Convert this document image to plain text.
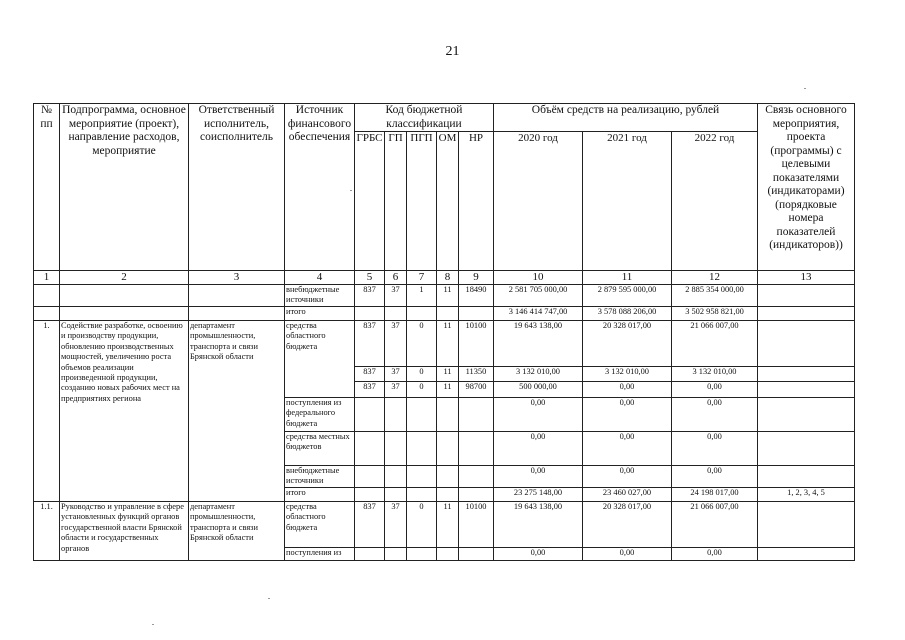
21
№ пп	Подпрограмма, основное мероприятие (проект), направление расходов, мероприятие	Ответственный исполнитель, соисполнитель	Источник финансового обеспечения	Код бюджетной классификации					Объём средств на реализацию, рублей			Связь основного мероприятия, проекта (программы) с целевыми показателями (индикаторами) (порядковые номера показателей (индикаторов))
				ГРБС	ГП	ПГП	ОМ	НР	2020 год	2021 год	2022 год	
1	2	3	4	5	6	7	8	9	10	11	12	13
			внебюджетные источники	837	37	1	11	18490	2 581 705 000,00	2 879 595 000,00	2 885 354 000,00	
			итого						3 146 414 747,00	3 578 088 206,00	3 502 958 821,00	
1.	Содействие разработке, освоению и производству продукции, обновлению производственных мощностей, увеличению роста объемов реализации произведенной продукции, созданию новых рабочих мест на предприятиях региона	департамент промышленности, транспорта и связи Брянской области	средства областного бюджета	837	37	0	11	10100	19 643 138,00	20 328 017,00	21 066 007,00	
				837	37	0	11	11350	3 132 010,00	3 132 010,00	3 132 010,00	
				837	37	0	11	98700	500 000,00	0,00	0,00	
			поступления из федерального бюджета						0,00	0,00	0,00	
			средства местных бюджетов						0,00	0,00	0,00	
			внебюджетные источники						0,00	0,00	0,00	
			итого						23 275 148,00	23 460 027,00	24 198 017,00	1, 2, 3, 4, 5
1.1.	Руководство и управление в сфере установленных функций органов государственной власти Брянской области и государственных органов	департамент промышленности, транспорта и связи Брянской области	средства областного бюджета	837	37	0	11	10100	19 643 138,00	20 328 017,00	21 066 007,00	
			поступления из						0,00	0,00	0,00	
